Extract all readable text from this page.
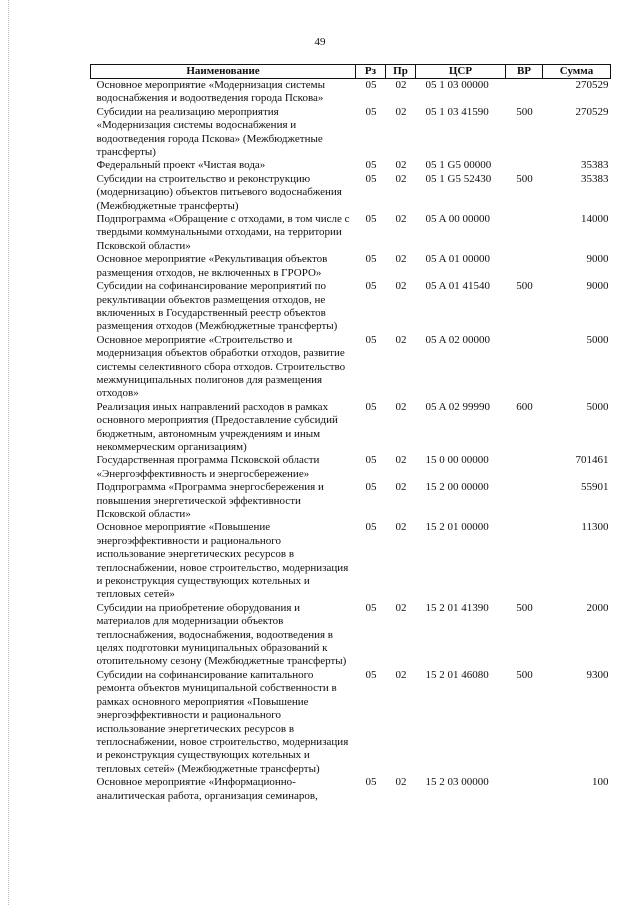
49
Наименование	Рз	Пр	ЦСР	ВР	Сумма
Основное мероприятие «Модернизация системы водоснабжения и водоотведения города Пскова»	05	02	05 1 03 00000		270529
Субсидии на реализацию мероприятия «Модернизация системы водоснабжения и водоотведения города Пскова» (Межбюджетные трансферты)	05	02	05 1 03 41590	500	270529
Федеральный проект «Чистая вода»	05	02	05 1 G5 00000		35383
Субсидии на строительство и реконструкцию (модернизацию) объектов питьевого водоснабжения (Межбюджетные трансферты)	05	02	05 1 G5 52430	500	35383
Подпрограмма «Обращение с отходами, в том числе с твердыми коммунальными отходами, на территории Псковской области»	05	02	05 A 00 00000		14000
Основное мероприятие «Рекультивация объектов размещения отходов, не включенных в ГРОРО»	05	02	05 A 01 00000		9000
Субсидии на софинансирование мероприятий по рекультивации объектов размещения отходов, не включенных в Государственный реестр объектов размещения отходов (Межбюджетные трансферты)	05	02	05 A 01 41540	500	9000
Основное мероприятие «Строительство и модернизация объектов обработки отходов, развитие системы селективного сбора отходов. Строительство межмуниципальных полигонов для размещения отходов»	05	02	05 A 02 00000		5000
Реализация иных направлений расходов в рамках основного мероприятия (Предоставление субсидий бюджетным, автономным учреждениям и иным некоммерческим организациям)	05	02	05 A 02 99990	600	5000
Государственная программа Псковской области «Энергоэффективность и энергосбережение»	05	02	15 0 00 00000		701461
Подпрограмма «Программа энергосбережения и повышения энергетической эффективности Псковской области»	05	02	15 2 00 00000		55901
Основное мероприятие «Повышение энергоэффективности и рационального использование энергетических ресурсов в теплоснабжении, новое строительство, модернизация и реконструкция существующих котельных и тепловых сетей»	05	02	15 2 01 00000		11300
Субсидии на приобретение оборудования и материалов для модернизации объектов теплоснабжения, водоснабжения, водоотведения в целях подготовки муниципальных образований к отопительному сезону (Межбюджетные трансферты)	05	02	15 2 01 41390	500	2000
Субсидии на софинансирование капитального ремонта объектов муниципальной собственности в рамках основного мероприятия «Повышение энергоэффективности и рационального использование энергетических ресурсов в теплоснабжении, новое строительство, модернизация и реконструкция существующих котельных и тепловых сетей» (Межбюджетные трансферты)	05	02	15 2 01 46080	500	9300
Основное мероприятие «Информационно-аналитическая работа, организация семинаров,	05	02	15 2 03 00000		100
